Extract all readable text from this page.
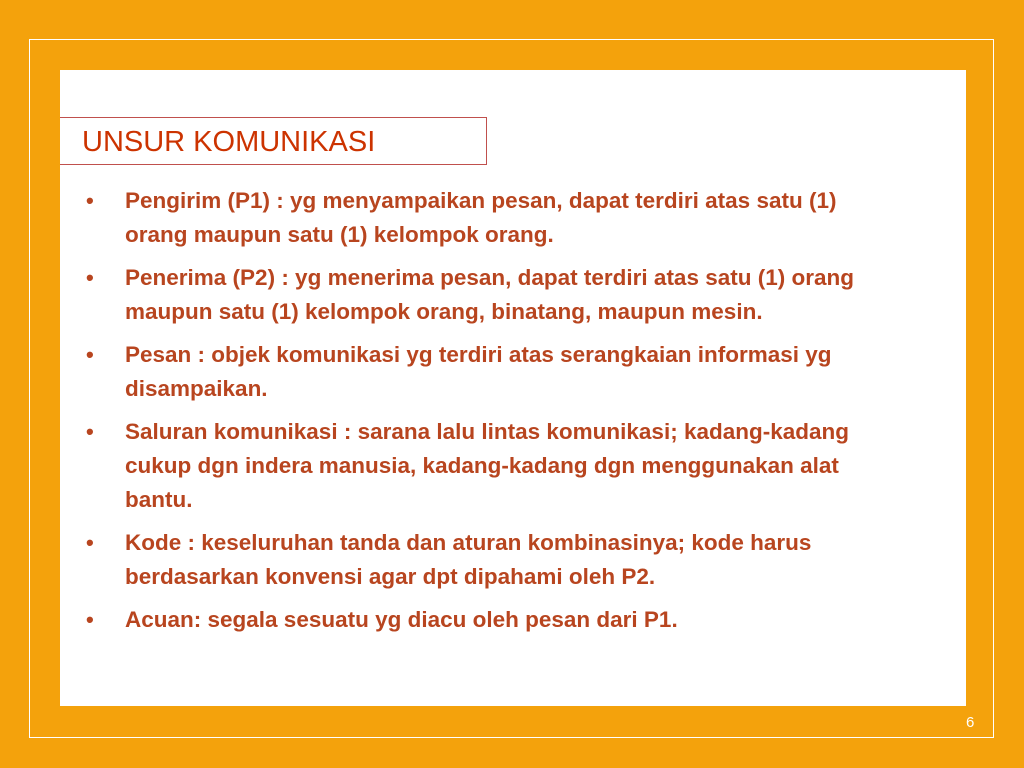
UNSUR KOMUNIKASI
• Pengirim (P1) : yg menyampaikan pesan, dapat terdiri atas satu (1) orang maupun satu (1) kelompok orang.
• Penerima (P2) : yg menerima pesan, dapat terdiri atas satu (1) orang maupun satu (1) kelompok orang, binatang, maupun mesin.
• Pesan : objek komunikasi yg terdiri atas serangkaian informasi yg disampaikan.
• Saluran komunikasi : sarana lalu lintas komunikasi; kadang-kadang cukup dgn indera manusia, kadang-kadang dgn menggunakan alat bantu.
• Kode : keseluruhan tanda dan aturan kombinasinya; kode harus berdasarkan konvensi agar dpt dipahami oleh P2.
• Acuan: segala sesuatu yg diacu oleh pesan dari P1.
6
